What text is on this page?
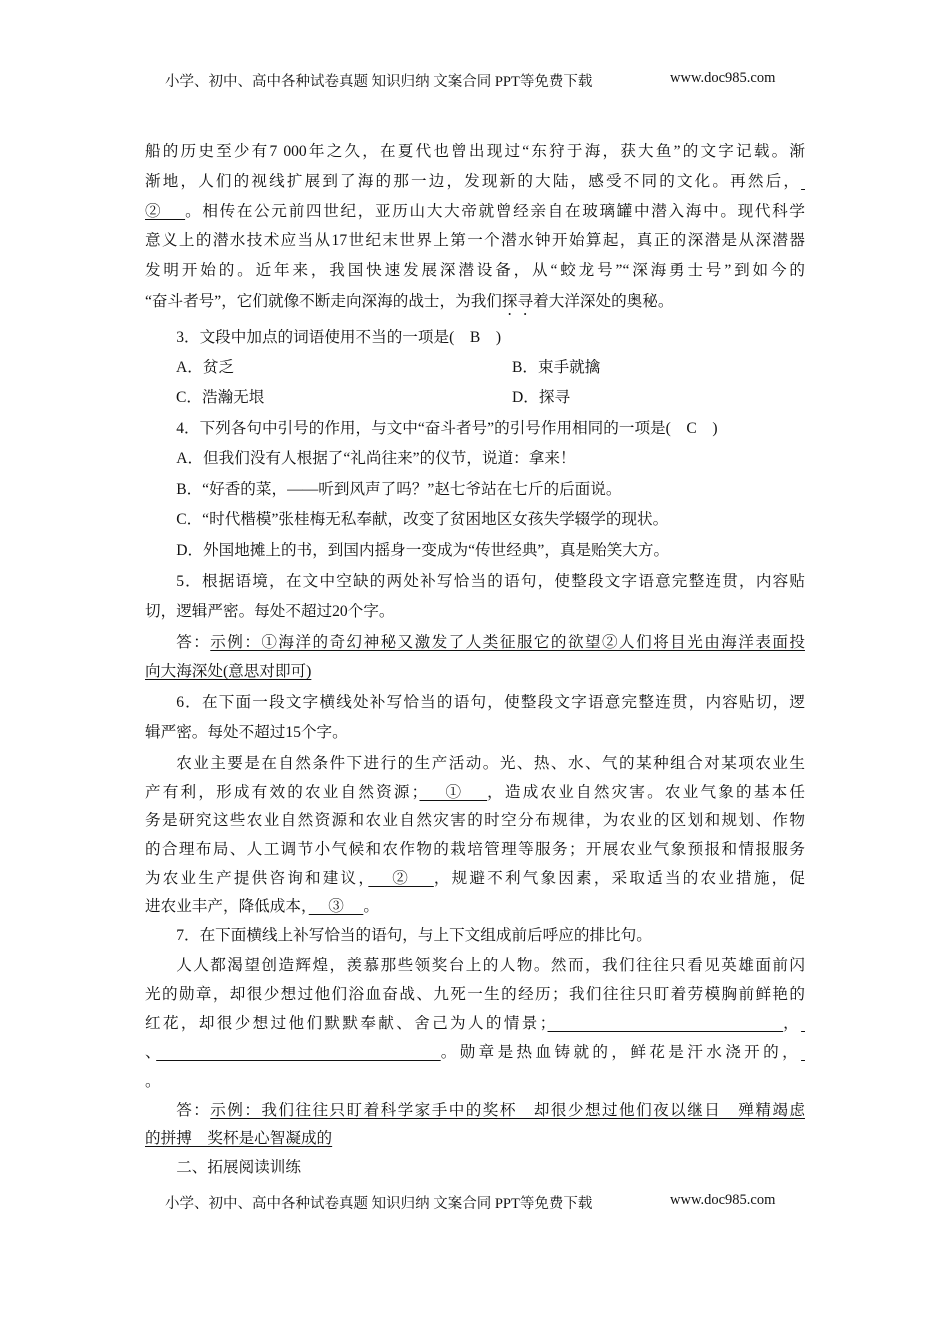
小学、初中、高中各种试卷真题 知识归纳 文案合同 PPT等免费下载	www.doc985.com
船的历史至少有7 000年之久，在夏代也曾出现过“东狩于海，获大鱼”的文字记载。渐
渐地，人们的视线扩展到了海的那一边，发现新的大陆，感受不同的文化。再然后，
②　 。相传在公元前四世纪，亚历山大大帝就曾经亲自在玻璃罐中潜入海中。现代科学
意义上的潜水技术应当从17世纪末世界上第一个潜水钟开始算起，真正的深潜是从深潜器
发明开始的。近年来，我国快速发展深潜设备，从“蛟龙号”“深海勇士号”到如今的
“奋斗者号”，它们就像不断走向深海的战士，为我们探寻着大洋深处的奥秘。
3．文段中加点的词语使用不当的一项是(　B　)
A．贫乏	B．束手就擒
C．浩瀚无垠	D．探寻
4．下列各句中引号的作用，与文中“奋斗者号”的引号作用相同的一项是(　C　)
A．但我们没有人根据了“礼尚往来”的仪节，说道：拿来！
B．“好香的菜，——听到风声了吗？”赵七爷站在七斤的后面说。
C．“时代楷模”张桂梅无私奉献，改变了贫困地区女孩失学辍学的现状。
D．外国地摊上的书，到国内摇身一变成为“传世经典”，真是贻笑大方。
5．根据语境，在文中空缺的两处补写恰当的语句，使整段文字语意完整连贯，内容贴
切，逻辑严密。每处不超过20个字。
答：示例：①海洋的奇幻神秘又激发了人类征服它的欲望②人们将目光由海洋表面投
向大海深处(意思对即可)
6．在下面一段文字横线处补写恰当的语句，使整段文字语意完整连贯，内容贴切，逻
辑严密。每处不超过15个字。
农业主要是在自然条件下进行的生产活动。光、热、水、气的某种组合对某项农业生
产有利，形成有效的农业自然资源；　 ①　 ，造成农业自然灾害。农业气象的基本任
务是研究这些农业自然资源和农业自然灾害的时空分布规律，为农业的区划和规划、作物
的合理布局、人工调节小气候和农作物的栽培管理等服务；开展农业气象预报和情报服务
为农业生产提供咨询和建议，　 ②　 ，规避不利气象因素，采取适当的农业措施，促
进农业丰产，降低成本，　 ③　 。
7．在下面横线上补写恰当的语句，与上下文组成前后呼应的排比句。
人人都渴望创造辉煌，羡慕那些领奖台上的人物。然而，我们往往只看见英雄面前闪
光的勋章，却很少想过他们浴血奋战、九死一生的经历；我们往往只盯着劳模胸前鲜艳的
红花，却很少想过他们默默奉献、舍己为人的情景；　　　　　　　　　　　　　	，
、　　　　　　　　　　　　　　　	。勋章是热血铸就的，鲜花是汗水浇开的，
。
答：示例：我们往往只盯着科学家手中的奖杯　却很少想过他们夜以继日　殚精竭虑
的拼搏　奖杯是心智凝成的
二、拓展阅读训练
小学、初中、高中各种试卷真题 知识归纳 文案合同 PPT等免费下载	www.doc985.com
